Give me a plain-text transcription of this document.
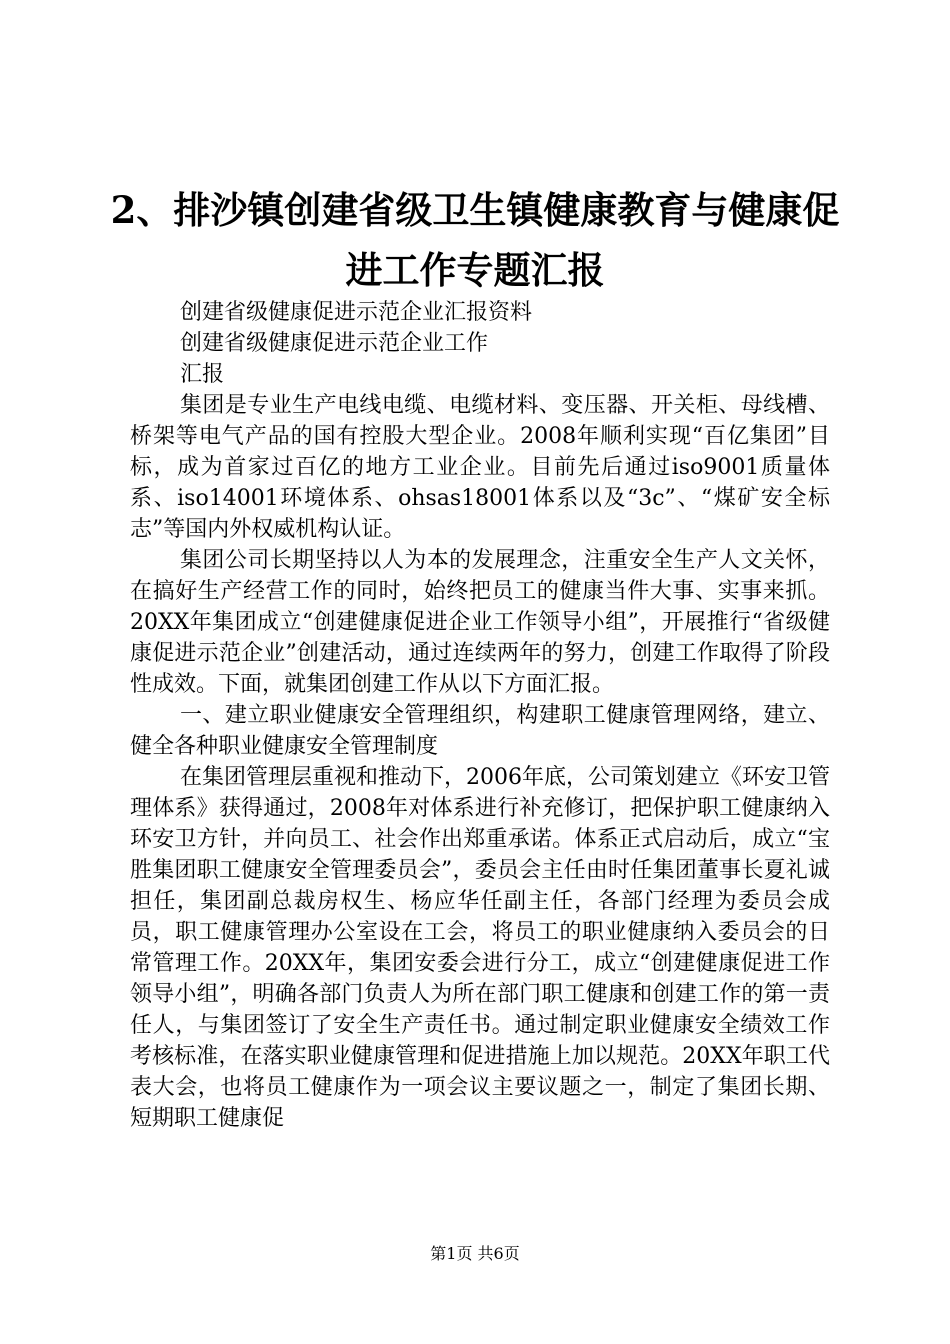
2、排沙镇创建省级卫生镇健康教育与健康促
进工作专题汇报

创建省级健康促进示范企业汇报资料

创建省级健康促进示范企业工作

汇报

集团是专业生产电线电缆、电缆材料、变压器、开关柜、母线槽、桥架等电气产品的国有控股大型企业。2008年顺利实现“百亿集团”目标，成为首家过百亿的地方工业企业。目前先后通过iso9001质量体系、iso14001环境体系、ohsas18001体系以及“3c”、“煤矿安全标志”等国内外权威机构认证。

集团公司长期坚持以人为本的发展理念，注重安全生产人文关怀，在搞好生产经营工作的同时，始终把员工的健康当件大事、实事来抓。20XX年集团成立“创建健康促进企业工作领导小组”，开展推行“省级健康促进示范企业”创建活动，通过连续两年的努力，创建工作取得了阶段性成效。下面，就集团创建工作从以下方面汇报。

一、建立职业健康安全管理组织，构建职工健康管理网络，建立、健全各种职业健康安全管理制度

在集团管理层重视和推动下，2006年底，公司策划建立《环安卫管理体系》获得通过，2008年对体系进行补充修订，把保护职工健康纳入环安卫方针，并向员工、社会作出郑重承诺。体系正式启动后，成立“宝胜集团职工健康安全管理委员会”，委员会主任由时任集团董事长夏礼诚担任，集团副总裁房权生、杨应华任副主任，各部门经理为委员会成员，职工健康管理办公室设在工会，将员工的职业健康纳入委员会的日常管理工作。20XX年，集团安委会进行分工，成立“创建健康促进工作领导小组”，明确各部门负责人为所在部门职工健康和创建工作的第一责任人，与集团签订了安全生产责任书。通过制定职业健康安全绩效工作考核标准，在落实职业健康管理和促进措施上加以规范。20XX年职工代表大会，也将员工健康作为一项会议主要议题之一，制定了集团长期、短期职工健康促

第1页 共6页
